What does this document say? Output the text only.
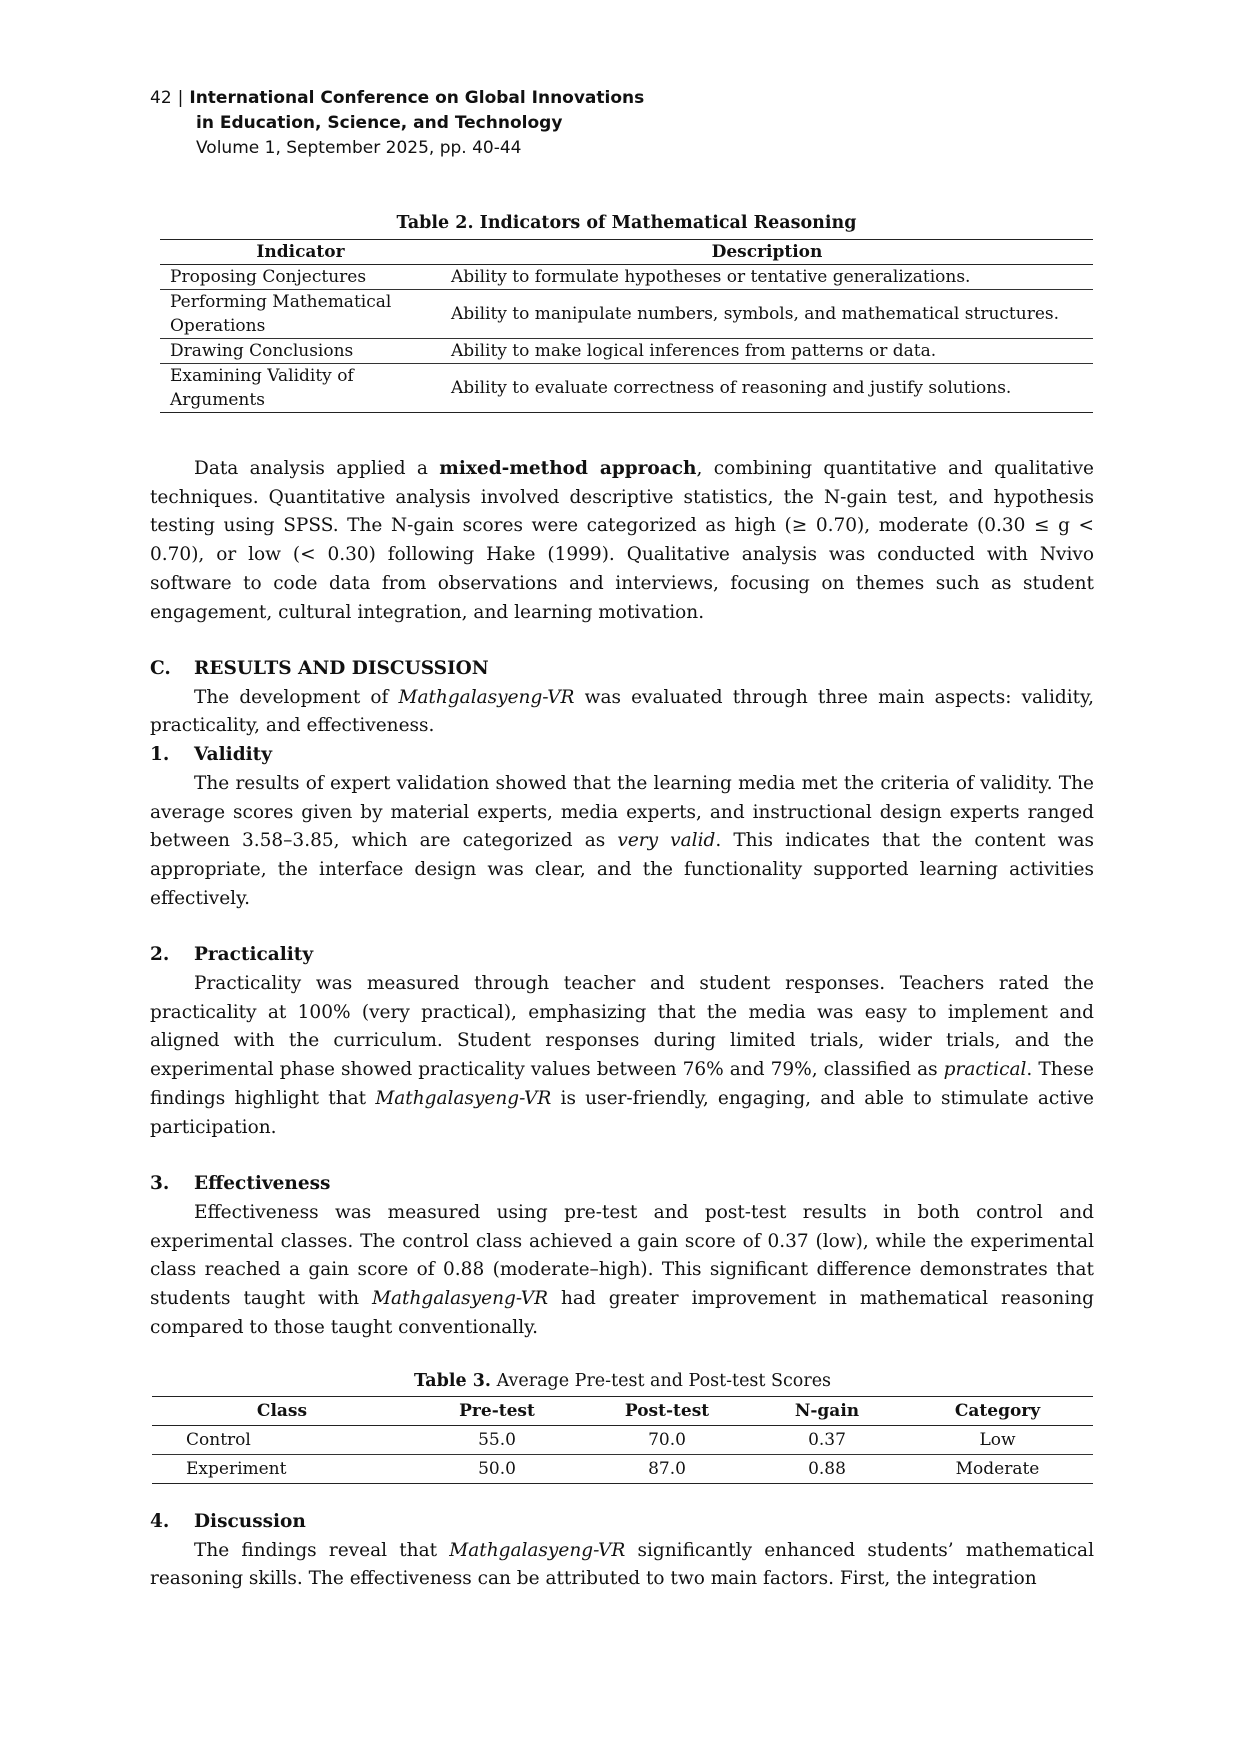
42 | International Conference on Global Innovations
in Education, Science, and Technology
Volume 1, September 2025, pp. 40-44
Table 2. Indicators of Mathematical Reasoning
Indicator	Description
Proposing Conjectures	Ability to formulate hypotheses or tentative generalizations.
Performing Mathematical Operations	Ability to manipulate numbers, symbols, and mathematical structures.
Drawing Conclusions	Ability to make logical inferences from patterns or data.
Examining Validity of Arguments	Ability to evaluate correctness of reasoning and justify solutions.

Data analysis applied a mixed-method approach, combining quantitative and qualitative techniques. Quantitative analysis involved descriptive statistics, the N-gain test, and hypothesis testing using SPSS. The N-gain scores were categorized as high (≥ 0.70), moderate (0.30 ≤ g < 0.70), or low (< 0.30) following Hake (1999). Qualitative analysis was conducted with Nvivo software to code data from observations and interviews, focusing on themes such as student engagement, cultural integration, and learning motivation.

C. RESULTS AND DISCUSSION

The development of Mathgalasyeng-VR was evaluated through three main aspects: validity, practicality, and effectiveness.

1. Validity

The results of expert validation showed that the learning media met the criteria of validity. The average scores given by material experts, media experts, and instructional design experts ranged between 3.58–3.85, which are categorized as very valid. This indicates that the content was appropriate, the interface design was clear, and the functionality supported learning activities effectively.

2. Practicality

Practicality was measured through teacher and student responses. Teachers rated the practicality at 100% (very practical), emphasizing that the media was easy to implement and aligned with the curriculum. Student responses during limited trials, wider trials, and the experimental phase showed practicality values between 76% and 79%, classified as practical. These findings highlight that Mathgalasyeng-VR is user-friendly, engaging, and able to stimulate active participation.

3. Effectiveness

Effectiveness was measured using pre-test and post-test results in both control and experimental classes. The control class achieved a gain score of 0.37 (low), while the experimental class reached a gain score of 0.88 (moderate–high). This significant difference demonstrates that students taught with Mathgalasyeng-VR had greater improvement in mathematical reasoning compared to those taught conventionally.

Table 3. Average Pre-test and Post-test Scores
Class	Pre-test	Post-test	N-gain	Category
Control	55.0	70.0	0.37	Low
Experiment	50.0	87.0	0.88	Moderate

4. Discussion

The findings reveal that Mathgalasyeng-VR significantly enhanced students’ mathematical reasoning skills. The effectiveness can be attributed to two main factors. First, the integration
